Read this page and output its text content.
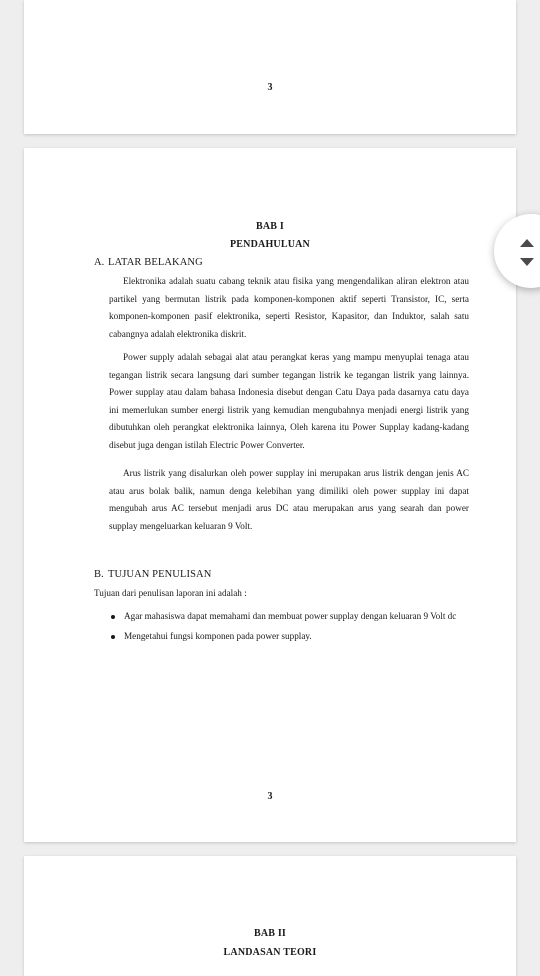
3
BAB I
PENDAHULUAN
A. LATAR BELAKANG

Elektronika adalah suatu cabang teknik atau fisika yang mengendalikan aliran elektron atau partikel yang bermutan listrik pada komponen-komponen aktif seperti Transistor, IC, serta komponen-komponen pasif elektronika, seperti Resistor, Kapasitor, dan Induktor, salah satu cabangnya adalah elektronika diskrit.

Power supply adalah sebagai alat atau perangkat keras yang mampu menyuplai tenaga atau tegangan listrik secara langsung dari sumber tegangan listrik ke tegangan listrik yang lainnya. Power supplay atau dalam bahasa Indonesia disebut dengan Catu Daya pada dasarnya catu daya ini memerlukan sumber energi listrik yang kemudian mengubahnya menjadi energi listrik yang dibutuhkan oleh perangkat elektronika lainnya, Oleh karena itu Power Supplay kadang-kadang disebut juga dengan istilah Electric Power Converter.

Arus listrik yang disalurkan oleh power supplay ini merupakan arus listrik dengan jenis AC atau arus bolak balik, namun denga kelebihan yang dimiliki oleh power supplay ini dapat mengubah arus AC tersebut menjadi arus DC atau merupakan arus yang searah dan power supplay mengeluarkan keluaran 9 Volt.

B. TUJUAN PENULISAN
Tujuan dari penulisan laporan ini adalah :
Agar mahasiswa dapat memahami dan membuat power supplay dengan keluaran 9 Volt dc
Mengetahui fungsi komponen pada power supplay.
3
BAB II
LANDASAN TEORI
